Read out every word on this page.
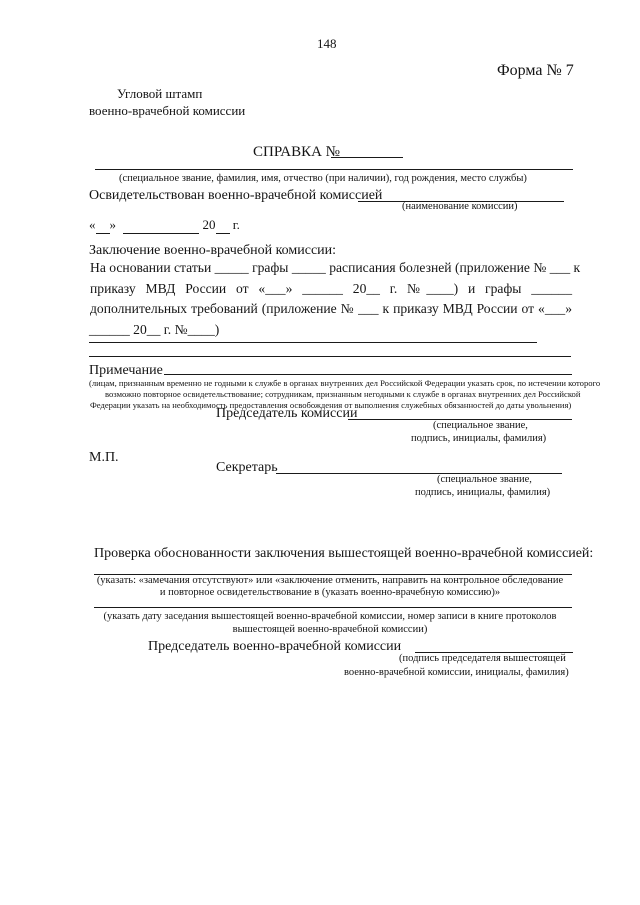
148
Форма № 7
Угловой штамп
военно-врачебной комиссии
СПРАВКА №
(специальное звание, фамилия, имя, отчество (при наличии), год рождения, место службы)
Освидетельствован военно-врачебной комиссией
(наименование комиссии)
« »	20 г.
Заключение военно-врачебной комиссии:
На основании статьи _____ графы _____ расписания болезней (приложение № ___ к
приказу МВД России от «___» ______ 20__ г. №____) и графы ______
дополнительных требований (приложение № ___ к приказу МВД России от «___»
______ 20__ г. №____)
Примечание
(лицам, признанным временно не годными к службе в органах внутренних дел Российской Федерации указать срок, по истечении которого
возможно повторное освидетельствование; сотрудникам, признанным негодными к службе в органах внутренних дел Российской
Федерации указать на необходимость предоставления освобождения от выполнения служебных обязанностей до даты увольнения)
Председатель комиссии
(специальное звание,
подпись, инициалы, фамилия)
М.П.
Секретарь
(специальное звание,
подпись, инициалы, фамилия)
Проверка обоснованности заключения вышестоящей военно-врачебной комиссией:
(указать: «замечания отсутствуют» или «заключение отменить, направить на контрольное обследование
и повторное освидетельствование в (указать военно-врачебную комиссию)»
(указать дату заседания вышестоящей военно-врачебной комиссии, номер записи в книге протоколов
вышестоящей военно-врачебной комиссии)
Председатель военно-врачебной комиссии
(подпись председателя вышестоящей
военно-врачебной комиссии, инициалы, фамилия)
